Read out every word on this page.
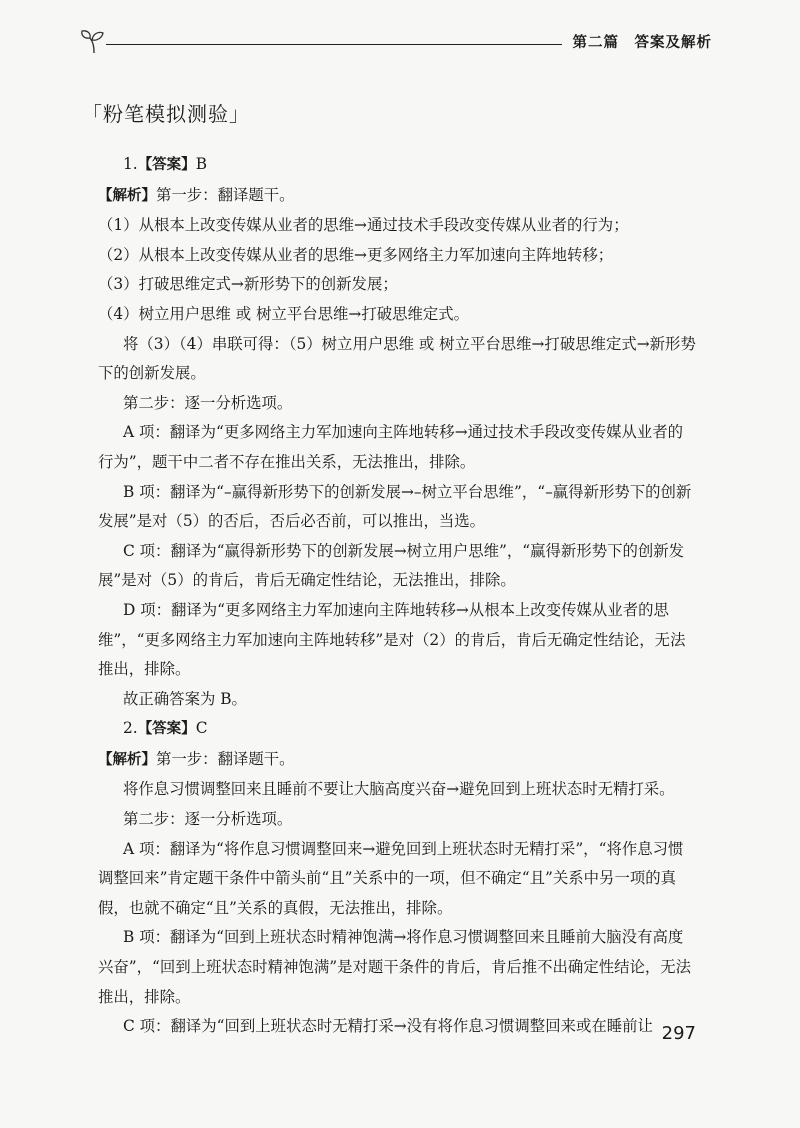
第二篇　答案及解析
「粉笔模拟测验」

1.【答案】B

【解析】第一步：翻译题干。

（1）从根本上改变传媒从业者的思维→通过技术手段改变传媒从业者的行为；

（2）从根本上改变传媒从业者的思维→更多网络主力军加速向主阵地转移；

（3）打破思维定式→新形势下的创新发展；

（4）树立用户思维 或 树立平台思维→打破思维定式。

将（3）（4）串联可得：（5）树立用户思维 或 树立平台思维→打破思维定式→新形势下的创新发展。

第二步：逐一分析选项。

A 项：翻译为“更多网络主力军加速向主阵地转移→通过技术手段改变传媒从业者的行为”，题干中二者不存在推出关系，无法推出，排除。

B 项：翻译为“–赢得新形势下的创新发展→–树立平台思维”，“–赢得新形势下的创新发展”是对（5）的否后，否后必否前，可以推出，当选。

C 项：翻译为“赢得新形势下的创新发展→树立用户思维”，“赢得新形势下的创新发展”是对（5）的肯后，肯后无确定性结论，无法推出，排除。

D 项：翻译为“更多网络主力军加速向主阵地转移→从根本上改变传媒从业者的思维”，“更多网络主力军加速向主阵地转移”是对（2）的肯后，肯后无确定性结论，无法推出，排除。

故正确答案为 B。

2.【答案】C

【解析】第一步：翻译题干。

将作息习惯调整回来且睡前不要让大脑高度兴奋→避免回到上班状态时无精打采。

第二步：逐一分析选项。

A 项：翻译为“将作息习惯调整回来→避免回到上班状态时无精打采”，“将作息习惯调整回来”肯定题干条件中箭头前“且”关系中的一项，但不确定“且”关系中另一项的真假，也就不确定“且”关系的真假，无法推出，排除。

B 项：翻译为“回到上班状态时精神饱满→将作息习惯调整回来且睡前大脑没有高度兴奋”，“回到上班状态时精神饱满”是对题干条件的肯后，肯后推不出确定性结论，无法推出，排除。

C 项：翻译为“回到上班状态时无精打采→没有将作息习惯调整回来或在睡前让 297
